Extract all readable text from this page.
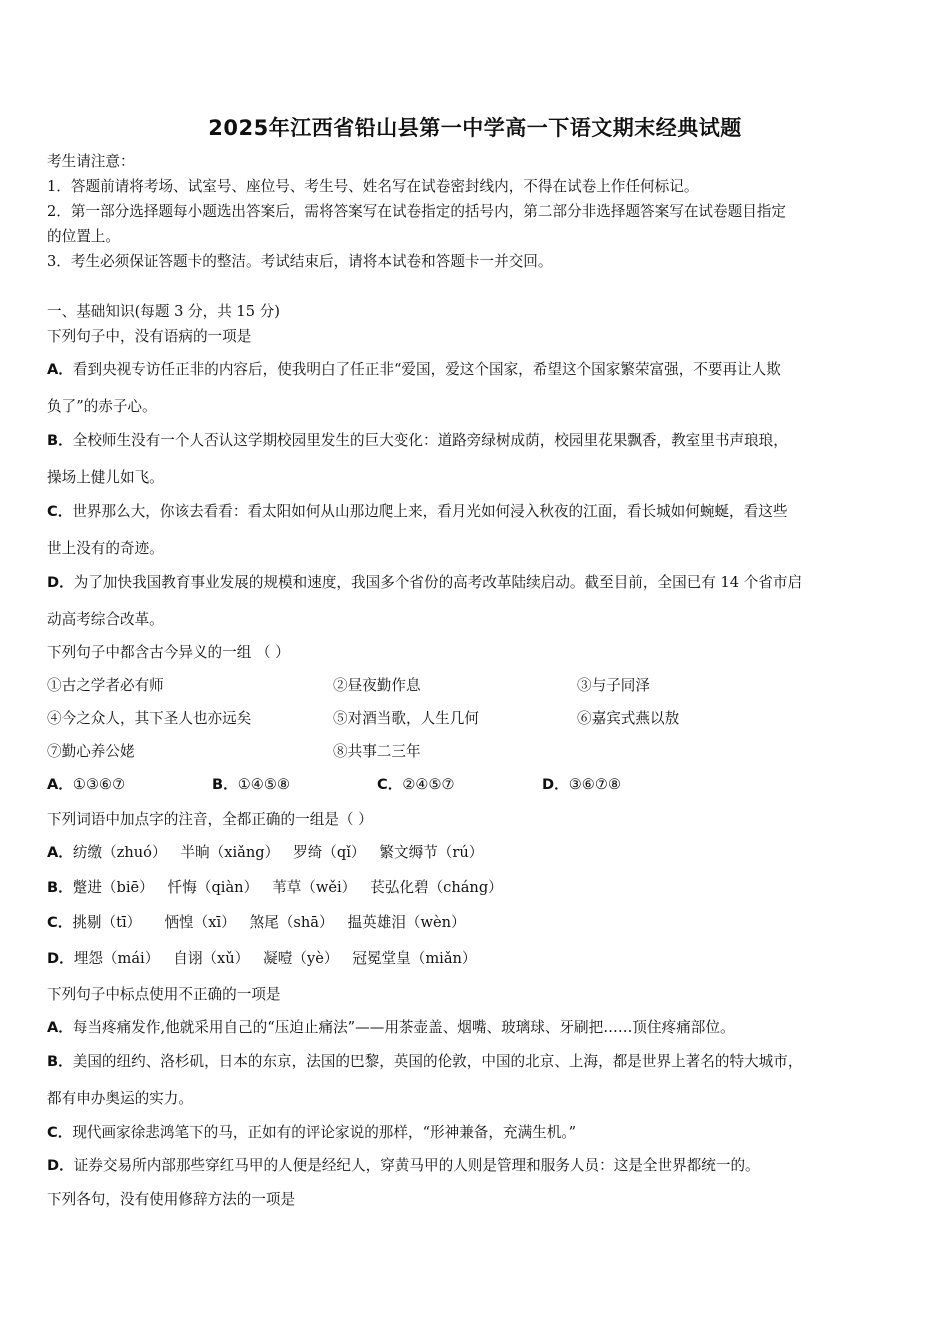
2025年江西省铅山县第一中学高一下语文期末经典试题
考生请注意：
1．答题前请将考场、试室号、座位号、考生号、姓名写在试卷密封线内，不得在试卷上作任何标记。
2．第一部分选择题每小题选出答案后，需将答案写在试卷指定的括号内，第二部分非选择题答案写在试卷题目指定
的位置上。
3．考生必须保证答题卡的整洁。考试结束后，请将本试卷和答题卡一并交回。
一、基础知识(每题 3 分，共 15 分)
下列句子中，没有语病的一项是
A．看到央视专访任正非的内容后，使我明白了任正非“爱国，爱这个国家，希望这个国家繁荣富强，不要再让人欺
负了”的赤子心。
B．全校师生没有一个人否认这学期校园里发生的巨大变化：道路旁绿树成荫，校园里花果飘香，教室里书声琅琅，
操场上健儿如飞。
C．世界那么大，你该去看看：看太阳如何从山那边爬上来，看月光如何浸入秋夜的江面，看长城如何蜿蜒，看这些
世上没有的奇迹。
D．为了加快我国教育事业发展的规模和速度，我国多个省份的高考改革陆续启动。截至目前，全国已有 14 个省市启
动高考综合改革。
下列句子中都含古今异义的一组 （ ）
①古之学者必有师	②昼夜勤作息	③与子同泽
④今之众人，其下圣人也亦远矣	⑤对酒当歌，人生几何	⑥嘉宾式燕以敖
⑦勤心养公姥	⑧共事二三年
A．①③⑥⑦	B．①④⑤⑧	C．②④⑤⑦	D．③⑥⑦⑧
下列词语中加点字的注音，全都正确的一组是（ ）
A．纺缴（zhuó） 半晌（xiǎng） 罗绮（qǐ） 繁文缛节（rú）
B．蹩进（biē） 忏悔（qiàn） 苇草（wěi） 苌弘化碧（cháng）
C．挑剔（tī） 恓惶（xī） 煞尾（shā） 揾英雄泪（wèn）
D．埋怨（mái） 自诩（xǔ） 凝噎（yè） 冠冕堂皇（miǎn）
下列句子中标点使用不正确的一项是
A．每当疼痛发作,他就采用自己的“压迫止痛法”——用茶壶盖、烟嘴、玻璃球、牙刷把……顶住疼痛部位。
B．美国的纽约、洛杉矶，日本的东京，法国的巴黎，英国的伦敦，中国的北京、上海，都是世界上著名的特大城市，
都有申办奥运的实力。
C．现代画家徐悲鸿笔下的马，正如有的评论家说的那样，“形神兼备，充满生机。”
D．证券交易所内部那些穿红马甲的人便是经纪人，穿黄马甲的人则是管理和服务人员：这是全世界都统一的。
下列各句，没有使用修辞方法的一项是
